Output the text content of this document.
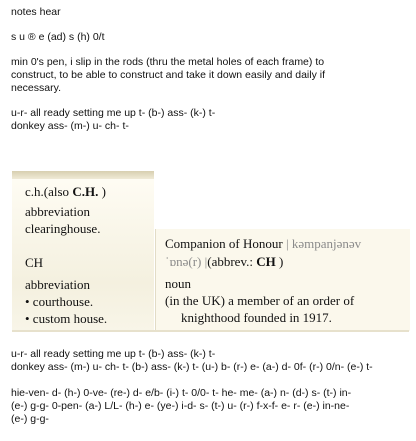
notes hear

s u ® e (ad) s (h) 0/t

min 0's pen, i slip in the rods (thru the metal holes of each frame) to

construct, to be able to construct and take it down easily and daily if

necessary.

u-r- all ready setting me up t- (b-) ass- (k-) t-

donkey ass- (m-) u- ch- t-

c.h.(also C.H. )
abbreviation
clearinghouse.
CH
abbreviation
• courthouse.
• custom house.
Companion of Honour | kəmpanjənəv
ˈɒnə(r) |(abbrev.: CH )
noun
(in the UK) a member of an order of
knighthood founded in 1917.

u-r- all ready setting me up t- (b-) ass- (k-) t-

donkey ass- (m-) u- ch- t- (b-) ass- (k-) t- (u-) b- (r-) e- (a-) d- 0f- (r-) 0/n- (e-) t-

hie-ven- d- (h-) 0-ve- (re-) d- e/b- (i-) t- 0/0- t- he- me- (a-) n- (d-) s- (t-) in-

(e-) g-g- 0-pen- (a-) L/L- (h-) e- (ye-) i-d- s- (t-) u- (r-) f-x-f- e- r- (e-) in-ne-

(e-) g-g-
